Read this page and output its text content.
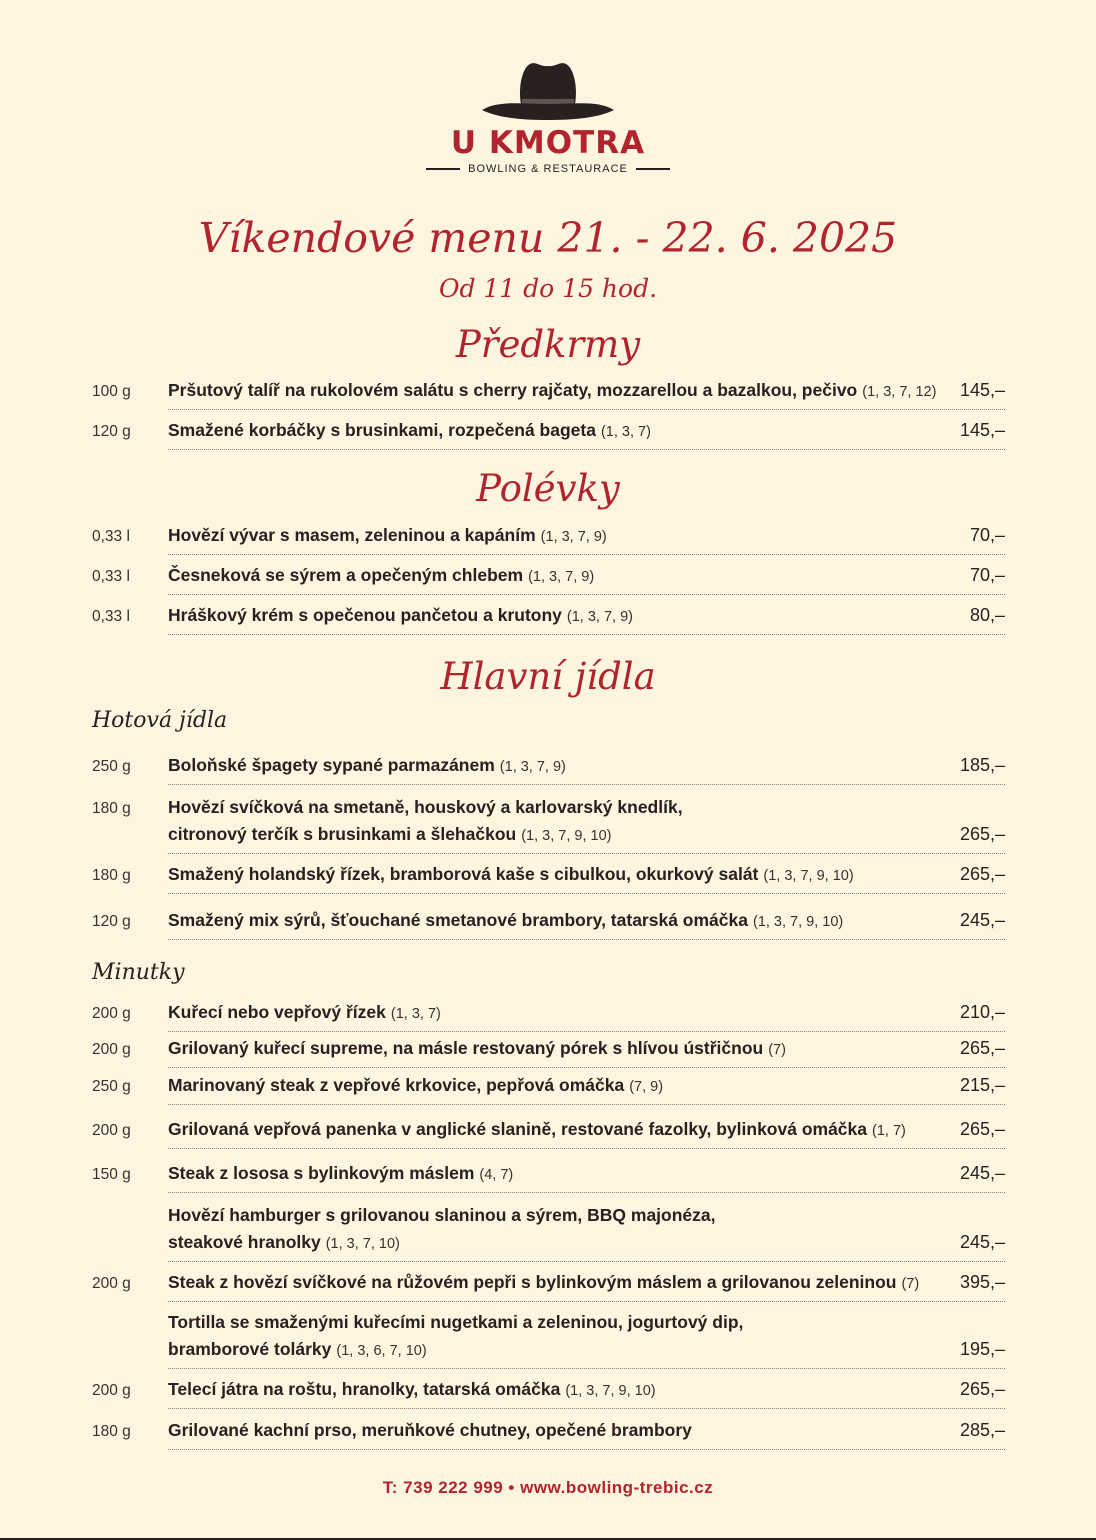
U KMOTRA
BOWLING & RESTAURACE
Víkendové menu 21. - 22. 6. 2025
Od 11 do 15 hod.
Předkrmy
Polévky
Hlavní jídla
Hotová jídla
Minutky
100 g Pršutový talíř na rukolovém salátu s cherry rajčaty, mozzarellou a bazalkou, pečivo (1, 3, 7, 12)	145,–
120 g Smažené korbáčky s brusinkami, rozpečená bageta (1, 3, 7)	145,–
0,33 l Hovězí vývar s masem, zeleninou a kapáním (1, 3, 7, 9)	70,–
0,33 l Česneková se sýrem a opečeným chlebem (1, 3, 7, 9)	70,–
0,33 l Hráškový krém s opečenou pančetou a krutony (1, 3, 7, 9)	80,–
250 g Boloňské špagety sypané parmazánem (1, 3, 7, 9)	185,–
180 g Hovězí svíčková na smetaně, houskový a karlovarský knedlík,
citronový terčík s brusinkami a šlehačkou (1, 3, 7, 9, 10)	265,–
180 g Smažený holandský řízek, bramborová kaše s cibulkou, okurkový salát (1, 3, 7, 9, 10)	265,–
120 g Smažený mix sýrů, šťouchané smetanové brambory, tatarská omáčka (1, 3, 7, 9, 10)	245,–
200 g Kuřecí nebo vepřový řízek (1, 3, 7)	210,–
200 g Grilovaný kuřecí supreme, na másle restovaný pórek s hlívou ústřičnou (7)	265,–
250 g Marinovaný steak z vepřové krkovice, pepřová omáčka (7, 9)	215,–
200 g Grilovaná vepřová panenka v anglické slanině, restované fazolky, bylinková omáčka (1, 7)	265,–
150 g Steak z lososa s bylinkovým máslem (4, 7)	245,–
Hovězí hamburger s grilovanou slaninou a sýrem, BBQ majonéza,
steakové hranolky (1, 3, 7, 10)	245,–
200 g Steak z hovězí svíčkové na růžovém pepři s bylinkovým máslem a grilovanou zeleninou (7)	395,–
Tortilla se smaženými kuřecími nugetkami a zeleninou, jogurtový dip,
bramborové tolárky (1, 3, 6, 7, 10)	195,–
200 g Telecí játra na roštu, hranolky, tatarská omáčka (1, 3, 7, 9, 10)	265,–
180 g Grilované kachní prso, meruňkové chutney, opečené brambory	285,–
T: 739 222 999 • www.bowling-trebic.cz
